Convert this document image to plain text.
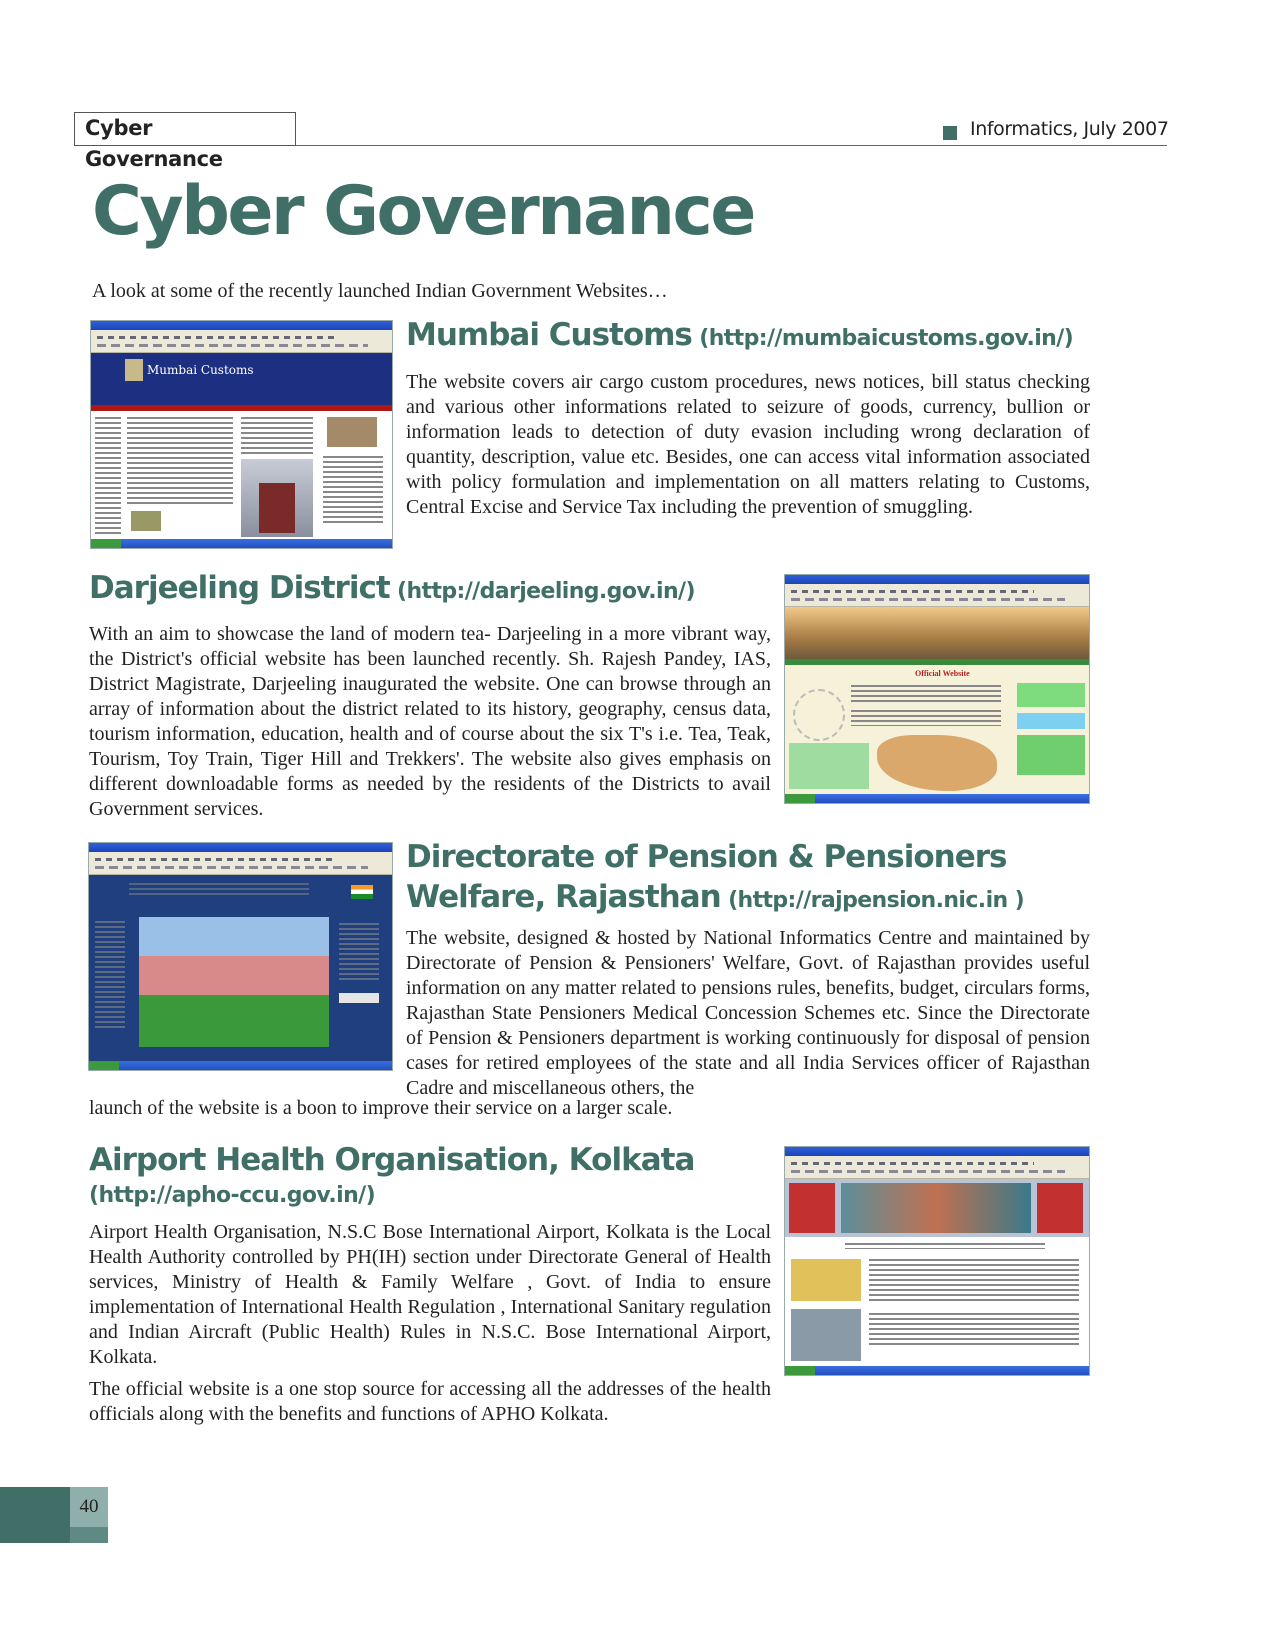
Cyber Governance
Informatics, July 2007
Cyber Governance
A look at some of the recently launched Indian Government Websites…
Mumbai Customs
Mumbai Customs (http://mumbaicustoms.gov.in/)

The website covers air cargo custom procedures, news notices, bill status checking and various other informations related to seizure of goods, currency, bullion or information leads to detection of duty evasion including wrong declaration of quantity, description, value etc. Besides, one can access vital information associated with policy formulation and implementation on all matters relating to Customs, Central Excise and Service Tax including the prevention of smuggling.

Darjeeling District (http://darjeeling.gov.in/)

With an aim to showcase the land of modern tea- Darjeeling in a more vibrant way, the District's official website has been launched recently. Sh. Rajesh Pandey, IAS, District Magistrate, Darjeeling inaugurated the website. One can browse through an array of information about the district related to its history, geography, census data, tourism information, education, health and of course about the six T's i.e. Tea, Teak, Tourism, Toy Train, Tiger Hill and Trekkers'. The website also gives emphasis on different downloadable forms as needed by the residents of the Districts to avail Government services.

Official Website
Directorate of Pension & Pensioners Welfare, Rajasthan (http://rajpension.nic.in )

The website, designed & hosted by National Informatics Centre and maintained by Directorate of Pension & Pensioners' Welfare, Govt. of Rajasthan provides useful information on any matter related to pensions rules, benefits, budget, circulars forms, Rajasthan State Pensioners Medical Concession Schemes etc. Since the Directorate of Pension & Pensioners department is working continuously for disposal of pension cases for retired employees of the state and all India Services officer of Rajasthan Cadre and miscellaneous others, the

launch of the website is a boon to improve their service on a larger scale.

Airport Health Organisation, Kolkata
(http://apho-ccu.gov.in/)

Airport Health Organisation, N.S.C Bose International Airport, Kolkata is the Local Health Authority controlled by PH(IH) section under Directorate General of Health services, Ministry of Health & Family Welfare , Govt. of India to ensure implementation of International Health Regulation , International Sanitary regulation and Indian Aircraft (Public Health) Rules in N.S.C. Bose International Airport, Kolkata.

The official website is a one stop source for accessing all the addresses of the health officials along with the benefits and functions of APHO Kolkata.

40
